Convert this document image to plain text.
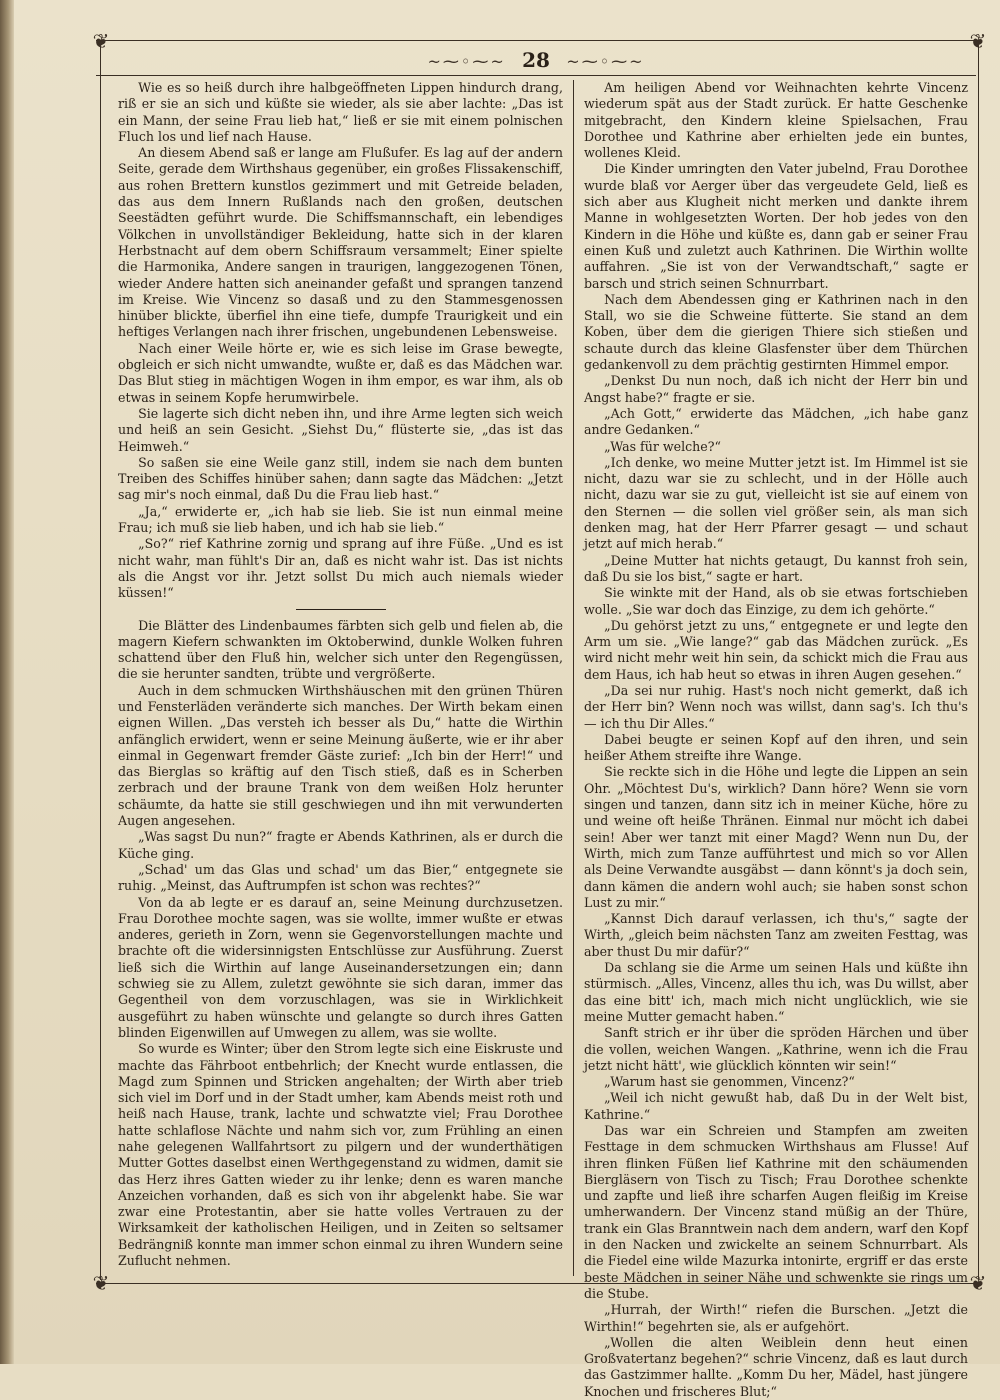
❦	❦
❦	❦
~⁓◦⁓~ 28 ~⁓◦⁓~

Wie es so heiß durch ihre halbgeöffneten Lippen hindurch drang, riß er sie an sich und küßte sie wieder, als sie aber lachte: „Das ist ein Mann, der seine Frau lieb hat,“ ließ er sie mit einem polnischen Fluch los und lief nach Hause.

An diesem Abend saß er lange am Flußufer. Es lag auf der andern Seite, gerade dem Wirthshaus gegenüber, ein großes Flissakenschiff, aus rohen Brettern kunstlos gezimmert und mit Getreide beladen, das aus dem Innern Rußlands nach den großen, deutschen Seestädten geführt wurde. Die Schiffsmannschaft, ein lebendiges Völkchen in unvollständiger Bekleidung, hatte sich in der klaren Herbstnacht auf dem obern Schiffsraum versammelt; Einer spielte die Harmonika, Andere sangen in traurigen, langgezogenen Tönen, wieder Andere hatten sich aneinander gefaßt und sprangen tanzend im Kreise. Wie Vincenz so dasaß und zu den Stammesgenossen hinüber blickte, überfiel ihn eine tiefe, dumpfe Traurigkeit und ein heftiges Verlangen nach ihrer frischen, ungebundenen Lebensweise.

Nach einer Weile hörte er, wie es sich leise im Grase bewegte, obgleich er sich nicht umwandte, wußte er, daß es das Mädchen war. Das Blut stieg in mächtigen Wogen in ihm empor, es war ihm, als ob etwas in seinem Kopfe herumwirbele.

Sie lagerte sich dicht neben ihn, und ihre Arme legten sich weich und heiß an sein Gesicht. „Siehst Du,“ flüsterte sie, „das ist das Heimweh.“

So saßen sie eine Weile ganz still, indem sie nach dem bunten Treiben des Schiffes hinüber sahen; dann sagte das Mädchen: „Jetzt sag mir's noch einmal, daß Du die Frau lieb hast.“

„Ja,“ erwiderte er, „ich hab sie lieb. Sie ist nun einmal meine Frau; ich muß sie lieb haben, und ich hab sie lieb.“

„So?“ rief Kathrine zornig und sprang auf ihre Füße. „Und es ist nicht wahr, man fühlt's Dir an, daß es nicht wahr ist. Das ist nichts als die Angst vor ihr. Jetzt sollst Du mich auch niemals wieder küssen!“

Die Blätter des Lindenbaumes färbten sich gelb und fielen ab, die magern Kiefern schwankten im Oktoberwind, dunkle Wolken fuhren schattend über den Fluß hin, welcher sich unter den Regengüssen, die sie herunter sandten, trübte und vergrößerte.

Auch in dem schmucken Wirthshäuschen mit den grünen Thüren und Fensterläden veränderte sich manches. Der Wirth bekam einen eignen Willen. „Das versteh ich besser als Du,“ hatte die Wirthin anfänglich erwidert, wenn er seine Meinung äußerte, wie er ihr aber einmal in Gegenwart fremder Gäste zurief: „Ich bin der Herr!“ und das Bierglas so kräftig auf den Tisch stieß, daß es in Scherben zerbrach und der braune Trank von dem weißen Holz herunter schäumte, da hatte sie still geschwiegen und ihn mit verwunderten Augen angesehen.

„Was sagst Du nun?“ fragte er Abends Kathrinen, als er durch die Küche ging.

„Schad' um das Glas und schad' um das Bier,“ entgegnete sie ruhig. „Meinst, das Auftrumpfen ist schon was rechtes?“

Von da ab legte er es darauf an, seine Meinung durchzusetzen. Frau Dorothee mochte sagen, was sie wollte, immer wußte er etwas anderes, gerieth in Zorn, wenn sie Gegenvorstellungen machte und brachte oft die widersinnigsten Entschlüsse zur Ausführung. Zuerst ließ sich die Wirthin auf lange Auseinandersetzungen ein; dann schwieg sie zu Allem, zuletzt gewöhnte sie sich daran, immer das Gegentheil von dem vorzuschlagen, was sie in Wirklichkeit ausgeführt zu haben wünschte und gelangte so durch ihres Gatten blinden Eigenwillen auf Umwegen zu allem, was sie wollte.

So wurde es Winter; über den Strom legte sich eine Eiskruste und machte das Fährboot entbehrlich; der Knecht wurde entlassen, die Magd zum Spinnen und Stricken angehalten; der Wirth aber trieb sich viel im Dorf und in der Stadt umher, kam Abends meist roth und heiß nach Hause, trank, lachte und schwatzte viel; Frau Dorothee hatte schlaflose Nächte und nahm sich vor, zum Frühling an einen nahe gelegenen Wallfahrtsort zu pilgern und der wunderthätigen Mutter Gottes daselbst einen Werthgegenstand zu widmen, damit sie das Herz ihres Gatten wieder zu ihr lenke; denn es waren manche Anzeichen vorhanden, daß es sich von ihr abgelenkt habe. Sie war zwar eine Protestantin, aber sie hatte volles Vertrauen zu der Wirksamkeit der katholischen Heiligen, und in Zeiten so seltsamer Bedrängniß konnte man immer schon einmal zu ihren Wundern seine Zuflucht nehmen.

Am heiligen Abend vor Weihnachten kehrte Vincenz wiederum spät aus der Stadt zurück. Er hatte Geschenke mitgebracht, den Kindern kleine Spielsachen, Frau Dorothee und Kathrine aber erhielten jede ein buntes, wollenes Kleid.

Die Kinder umringten den Vater jubelnd, Frau Dorothee wurde blaß vor Aerger über das vergeudete Geld, ließ es sich aber aus Klugheit nicht merken und dankte ihrem Manne in wohlgesetzten Worten. Der hob jedes von den Kindern in die Höhe und küßte es, dann gab er seiner Frau einen Kuß und zuletzt auch Kathrinen. Die Wirthin wollte auffahren. „Sie ist von der Verwandtschaft,“ sagte er barsch und strich seinen Schnurrbart.

Nach dem Abendessen ging er Kathrinen nach in den Stall, wo sie die Schweine fütterte. Sie stand an dem Koben, über dem die gierigen Thiere sich stießen und schaute durch das kleine Glasfenster über dem Thürchen gedankenvoll zu dem prächtig gestirnten Himmel empor.

„Denkst Du nun noch, daß ich nicht der Herr bin und Angst habe?“ fragte er sie.

„Ach Gott,“ erwiderte das Mädchen, „ich habe ganz andre Gedanken.“

„Was für welche?“

„Ich denke, wo meine Mutter jetzt ist. Im Himmel ist sie nicht, dazu war sie zu schlecht, und in der Hölle auch nicht, dazu war sie zu gut, vielleicht ist sie auf einem von den Sternen — die sollen viel größer sein, als man sich denken mag, hat der Herr Pfarrer gesagt — und schaut jetzt auf mich herab.“

„Deine Mutter hat nichts getaugt, Du kannst froh sein, daß Du sie los bist,“ sagte er hart.

Sie winkte mit der Hand, als ob sie etwas fortschieben wolle. „Sie war doch das Einzige, zu dem ich gehörte.“

„Du gehörst jetzt zu uns,“ entgegnete er und legte den Arm um sie. „Wie lange?“ gab das Mädchen zurück. „Es wird nicht mehr weit hin sein, da schickt mich die Frau aus dem Haus, ich hab heut so etwas in ihren Augen gesehen.“

„Da sei nur ruhig. Hast's noch nicht gemerkt, daß ich der Herr bin? Wenn noch was willst, dann sag's. Ich thu's — ich thu Dir Alles.“

Dabei beugte er seinen Kopf auf den ihren, und sein heißer Athem streifte ihre Wange.

Sie reckte sich in die Höhe und legte die Lippen an sein Ohr. „Möchtest Du's, wirklich? Dann höre? Wenn sie vorn singen und tanzen, dann sitz ich in meiner Küche, höre zu und weine oft heiße Thränen. Einmal nur möcht ich dabei sein! Aber wer tanzt mit einer Magd? Wenn nun Du, der Wirth, mich zum Tanze aufführtest und mich so vor Allen als Deine Verwandte ausgäbst — dann könnt's ja doch sein, dann kämen die andern wohl auch; sie haben sonst schon Lust zu mir.“

„Kannst Dich darauf verlassen, ich thu's,“ sagte der Wirth, „gleich beim nächsten Tanz am zweiten Festtag, was aber thust Du mir dafür?“

Da schlang sie die Arme um seinen Hals und küßte ihn stürmisch. „Alles, Vincenz, alles thu ich, was Du willst, aber das eine bitt' ich, mach mich nicht unglücklich, wie sie meine Mutter gemacht haben.“

Sanft strich er ihr über die spröden Härchen und über die vollen, weichen Wangen. „Kathrine, wenn ich die Frau jetzt nicht hätt', wie glücklich könnten wir sein!“

„Warum hast sie genommen, Vincenz?“

„Weil ich nicht gewußt hab, daß Du in der Welt bist, Kathrine.“

Das war ein Schreien und Stampfen am zweiten Festtage in dem schmucken Wirthshaus am Flusse! Auf ihren flinken Füßen lief Kathrine mit den schäumenden Biergläsern von Tisch zu Tisch; Frau Dorothee schenkte und zapfte und ließ ihre scharfen Augen fleißig im Kreise umherwandern. Der Vincenz stand müßig an der Thüre, trank ein Glas Branntwein nach dem andern, warf den Kopf in den Nacken und zwickelte an seinem Schnurrbart. Als die Fiedel eine wilde Mazurka intonirte, ergriff er das erste beste Mädchen in seiner Nähe und schwenkte sie rings um die Stube.

„Hurrah, der Wirth!“ riefen die Burschen. „Jetzt die Wirthin!“ begehrten sie, als er aufgehört.

„Wollen die alten Weiblein denn heut einen Großvatertanz begehen?“ schrie Vincenz, daß es laut durch das Gastzimmer hallte. „Komm Du her, Mädel, hast jüngere Knochen und frischeres Blut;“
